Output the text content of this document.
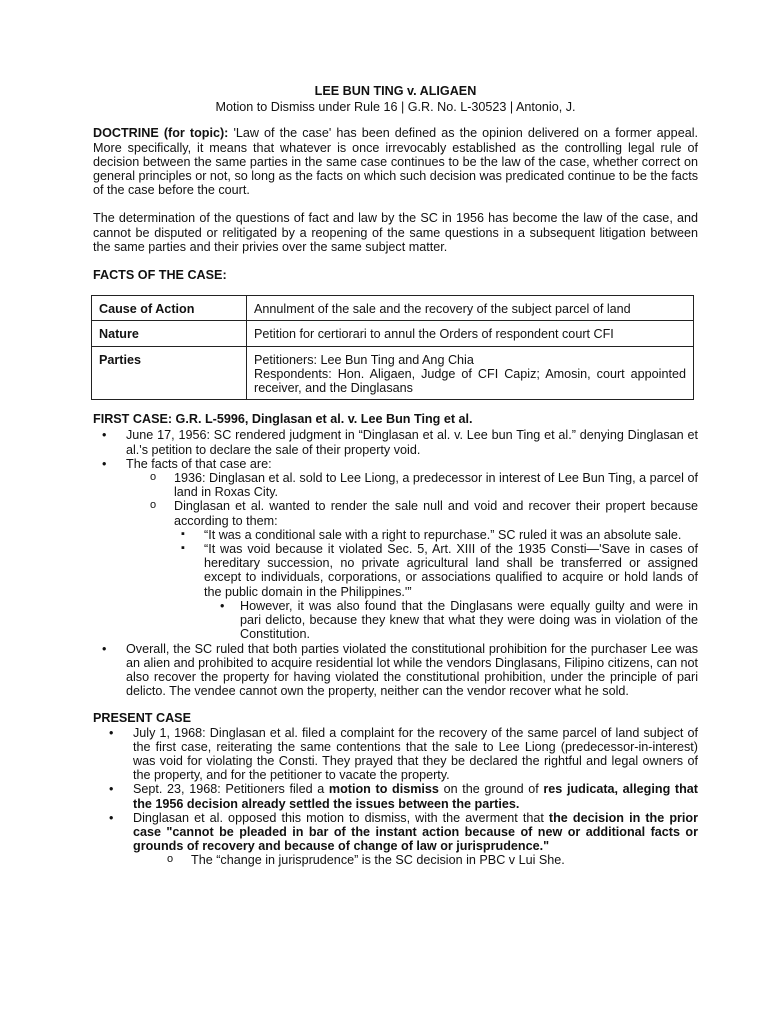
LEE BUN TING v. ALIGAEN

Motion to Dismiss under Rule 16 | G.R. No. L-30523 | Antonio, J.

DOCTRINE (for topic): 'Law of the case' has been defined as the opinion delivered on a former appeal. More specifically, it means that whatever is once irrevocably established as the controlling legal rule of decision between the same parties in the same case continues to be the law of the case, whether correct on general principles or not, so long as the facts on which such decision was predicated continue to be the facts of the case before the court.

The determination of the questions of fact and law by the SC in 1956 has become the law of the case, and cannot be disputed or relitigated by a reopening of the same questions in a subsequent litigation between the same parties and their privies over the same subject matter.

FACTS OF THE CASE:

Cause of Action	Annulment of the sale and the recovery of the subject parcel of land
Nature	Petition for certiorari to annul the Orders of respondent court CFI
Parties	Petitioners: Lee Bun Ting and Ang Chia
Respondents: Hon. Aligaen, Judge of CFI Capiz; Amosin, court appointed receiver, and the Dinglasans

FIRST CASE: G.R. L-5996, Dinglasan et al. v. Lee Bun Ting et al.

• June 17, 1956: SC rendered judgment in “Dinglasan et al. v. Lee bun Ting et al.” denying Dinglasan et al.'s petition to declare the sale of their property void.
• The facts of that case are:
o 1936: Dinglasan et al. sold to Lee Liong, a predecessor in interest of Lee Bun Ting, a parcel of land in Roxas City.
o Dinglasan et al. wanted to render the sale null and void and recover their propert because according to them:
▪ “It was a conditional sale with a right to repurchase.” SC ruled it was an absolute sale.
▪ “It was void because it violated Sec. 5, Art. XIII of the 1935 Consti—'Save in cases of hereditary succession, no private agricultural land shall be transferred or assigned except to individuals, corporations, or associations qualified to acquire or hold lands of the public domain in the Philippines.'”
• However, it was also found that the Dinglasans were equally guilty and were in pari delicto, because they knew that what they were doing was in violation of the Constitution.
• Overall, the SC ruled that both parties violated the constitutional prohibition for the purchaser Lee was an alien and prohibited to acquire residential lot while the vendors Dinglasans, Filipino citizens, can not also recover the property for having violated the constitutional prohibition, under the principle of pari delicto. The vendee cannot own the property, neither can the vendor recover what he sold.

PRESENT CASE

• July 1, 1968: Dinglasan et al. filed a complaint for the recovery of the same parcel of land subject of the first case, reiterating the same contentions that the sale to Lee Liong (predecessor-in-interest) was void for violating the Consti. They prayed that they be declared the rightful and legal owners of the property, and for the petitioner to vacate the property.
• Sept. 23, 1968: Petitioners filed a motion to dismiss on the ground of res judicata, alleging that the 1956 decision already settled the issues between the parties.
• Dinglasan et al. opposed this motion to dismiss, with the averment that the decision in the prior case "cannot be pleaded in bar of the instant action because of new or additional facts or grounds of recovery and because of change of law or jurisprudence."
o The “change in jurisprudence” is the SC decision in PBC v Lui She.
